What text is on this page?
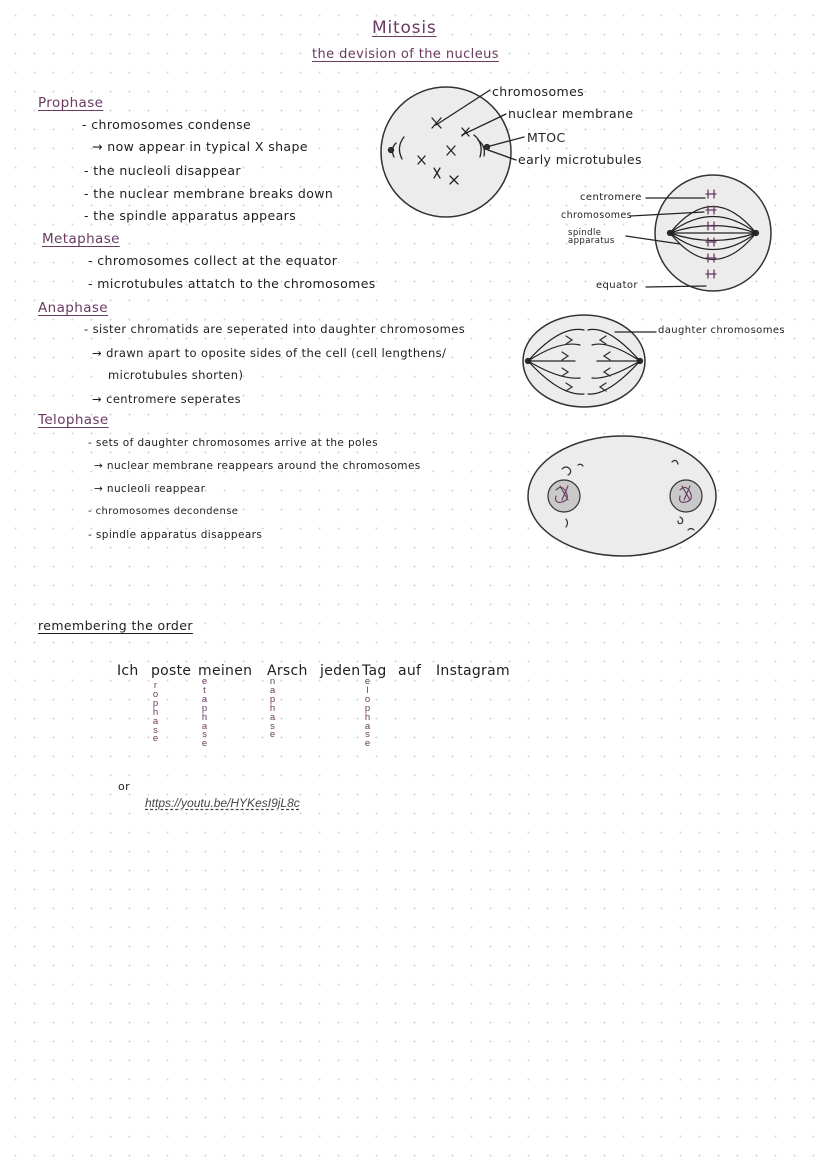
Mitosis
the devision of the nucleus
Prophase
- chromosomes condense
→ now appear in typical X shape
- the nucleoli disappear
- the nuclear membrane breaks down
- the spindle apparatus appears
Metaphase
- chromosomes collect at the equator
- microtubules attatch to the chromosomes
Anaphase
- sister chromatids are seperated into daughter chromosomes
→ drawn apart to oposite sides of the cell (cell lengthens/
microtubules shorten)
→ centromere seperates
Telophase
- sets of daughter chromosomes arrive at the poles
→ nuclear membrane reappears around the chromosomes
→ nucleoli reappear
- chromosomes decondense
- spindle apparatus disappears
chromosomes
nuclear membrane
MTOC
early microtubules
centromere
chromosomes
spindle
apparatus
equator
daughter chromosomes
remembering the order
Ich poste meinen Arsch jeden Tag auf Instagram
r
o
p
h
a
s
e
e
t
a
p
h
a
s
e
n
a
p
h
a
s
e
e
l
o
p
h
a
s
e
or
https://youtu.be/HYKesI9jL8c
